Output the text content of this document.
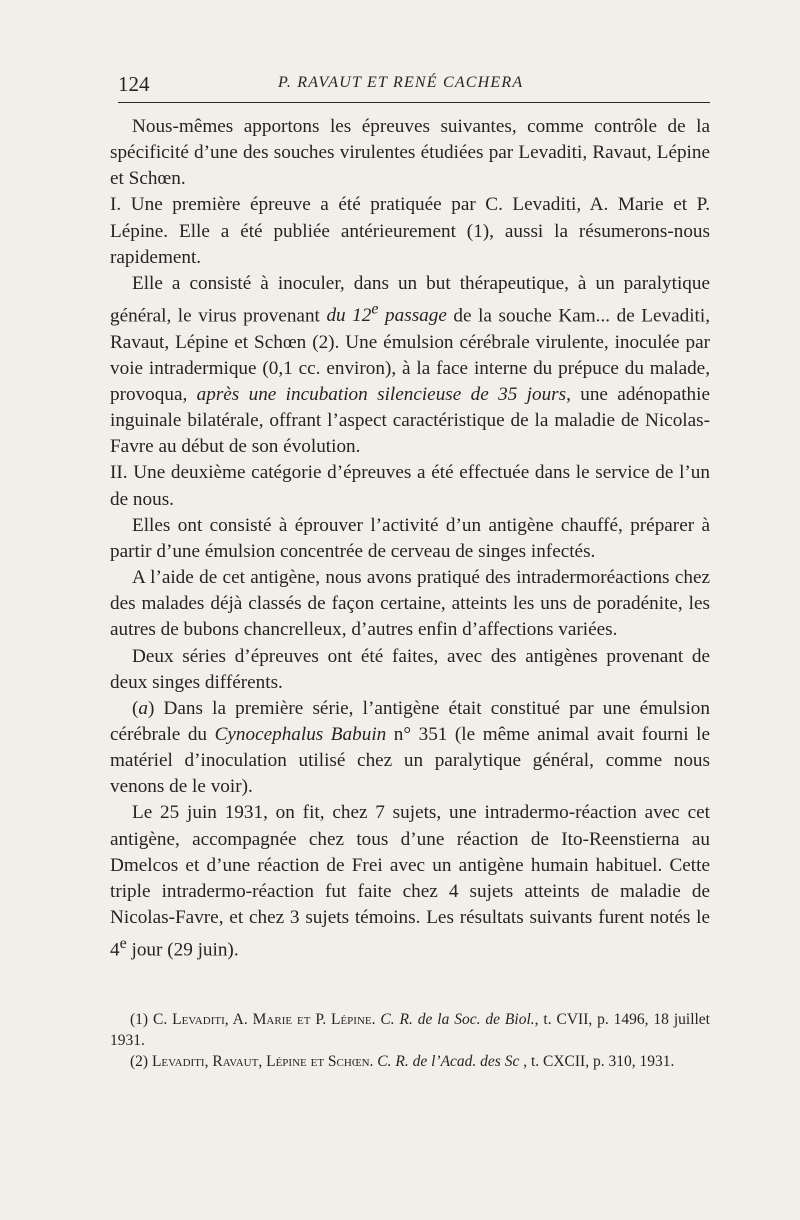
124	P. RAVAUT ET RENÉ CACHERA

Nous-mêmes apportons les épreuves suivantes, comme contrôle de la spécificité d’une des souches virulentes étudiées par Levaditi, Ravaut, Lépine et Schœn.

I. Une première épreuve a été pratiquée par C. Levaditi, A. Marie et P. Lépine. Elle a été publiée antérieurement (1), aussi la résumerons-nous rapidement.

Elle a consisté à inoculer, dans un but thérapeutique, à un paralytique général, le virus provenant du 12e passage de la souche Kam... de Levaditi, Ravaut, Lépine et Schœn (2). Une émulsion cérébrale virulente, inoculée par voie intradermique (0,1 cc. environ), à la face interne du prépuce du malade, provoqua, après une incubation silencieuse de 35 jours, une adénopathie inguinale bilatérale, offrant l’aspect caractéristique de la maladie de Nicolas-Favre au début de son évolution.

II. Une deuxième catégorie d’épreuves a été effectuée dans le service de l’un de nous.

Elles ont consisté à éprouver l’activité d’un antigène chauffé, préparer à partir d’une émulsion concentrée de cerveau de singes infectés.

A l’aide de cet antigène, nous avons pratiqué des intradermoréactions chez des malades déjà classés de façon certaine, atteints les uns de poradénite, les autres de bubons chancrelleux, d’autres enfin d’affections variées.

Deux séries d’épreuves ont été faites, avec des antigènes provenant de deux singes différents.

(a) Dans la première série, l’antigène était constitué par une émulsion cérébrale du Cynocephalus Babuin n° 351 (le même animal avait fourni le matériel d’inoculation utilisé chez un paralytique général, comme nous venons de le voir).

Le 25 juin 1931, on fit, chez 7 sujets, une intradermo-réaction avec cet antigène, accompagnée chez tous d’une réaction de Ito-Reenstierna au Dmelcos et d’une réaction de Frei avec un antigène humain habituel. Cette triple intradermo-réaction fut faite chez 4 sujets atteints de maladie de Nicolas-Favre, et chez 3 sujets témoins. Les résultats suivants furent notés le 4e jour (29 juin).

(1) C. Levaditi, A. Marie et P. Lépine. C. R. de la Soc. de Biol., t. CVII, p. 1496, 18 juillet 1931.

(2) Levaditi, Ravaut, Lépine et Schœn. C. R. de l’Acad. des Sc , t. CXCII, p. 310, 1931.
